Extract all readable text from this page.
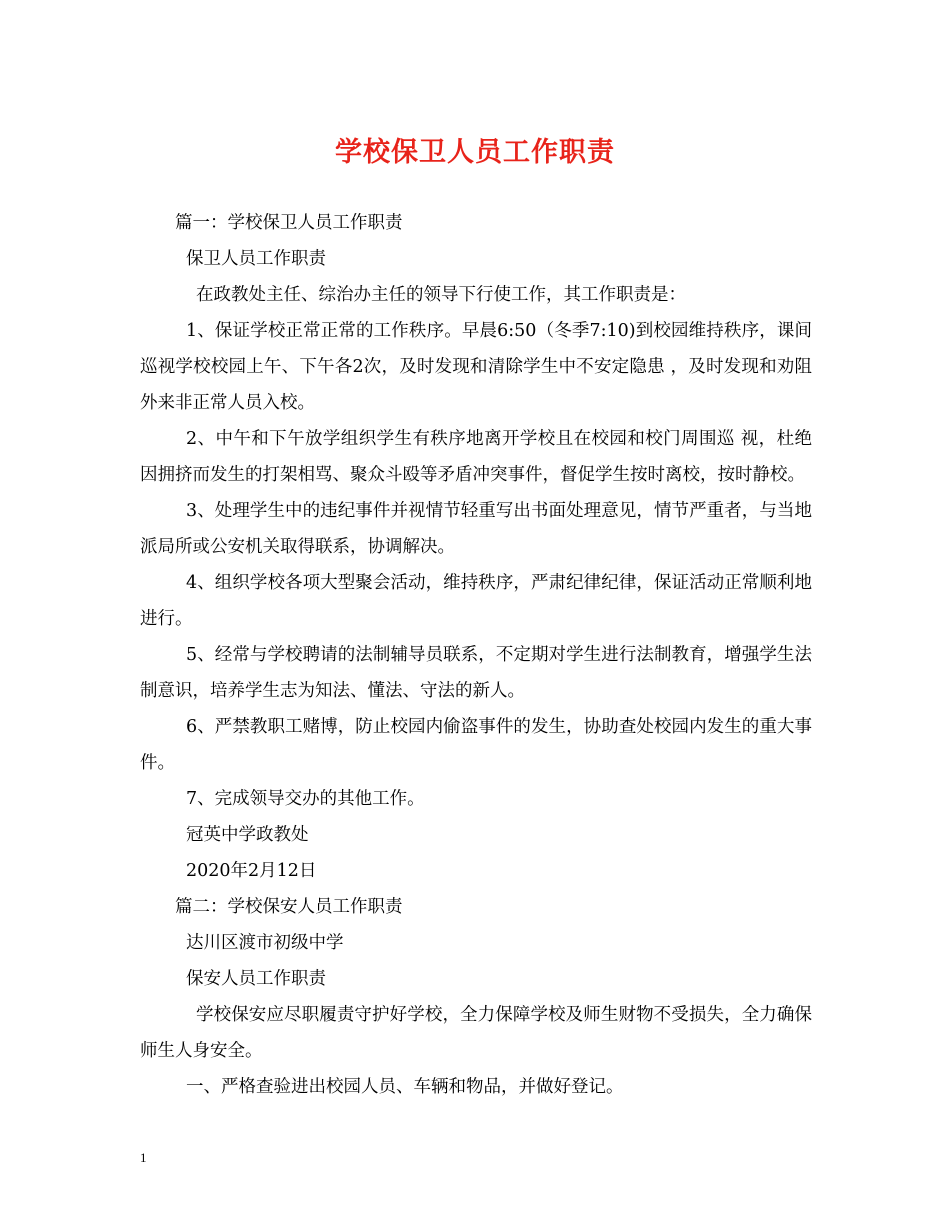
学校保卫人员工作职责

篇一：学校保卫人员工作职责

保卫人员工作职责

在政教处主任、综治办主任的领导下行使工作，其工作职责是：

1、保证学校正常正常的工作秩序。早晨6:50（冬季7:10)到校园维持秩序，课间巡视学校校园上午、下午各2次，及时发现和清除学生中不安定隐患 ，及时发现和劝阻外来非正常人员入校。

2、中午和下午放学组织学生有秩序地离开学校且在校园和校门周围巡 视，杜绝因拥挤而发生的打架相骂、聚众斗殴等矛盾冲突事件，督促学生按时离校，按时静校。

3、处理学生中的违纪事件并视情节轻重写出书面处理意见，情节严重者，与当地派局所或公安机关取得联系，协调解决。

4、组织学校各项大型聚会活动，维持秩序，严肃纪律纪律，保证活动正常顺利地进行。

5、经常与学校聘请的法制辅导员联系，不定期对学生进行法制教育，增强学生法制意识，培养学生志为知法、懂法、守法的新人。

6、严禁教职工赌博，防止校园内偷盗事件的发生，协助查处校园内发生的重大事件。

7、完成领导交办的其他工作。

冠英中学政教处

2020年2月12日

篇二：学校保安人员工作职责

达川区渡市初级中学

保安人员工作职责

学校保安应尽职履责守护好学校，全力保障学校及师生财物不受损失，全力确保师生人身安全。

一、严格查验进出校园人员、车辆和物品，并做好登记。

1
